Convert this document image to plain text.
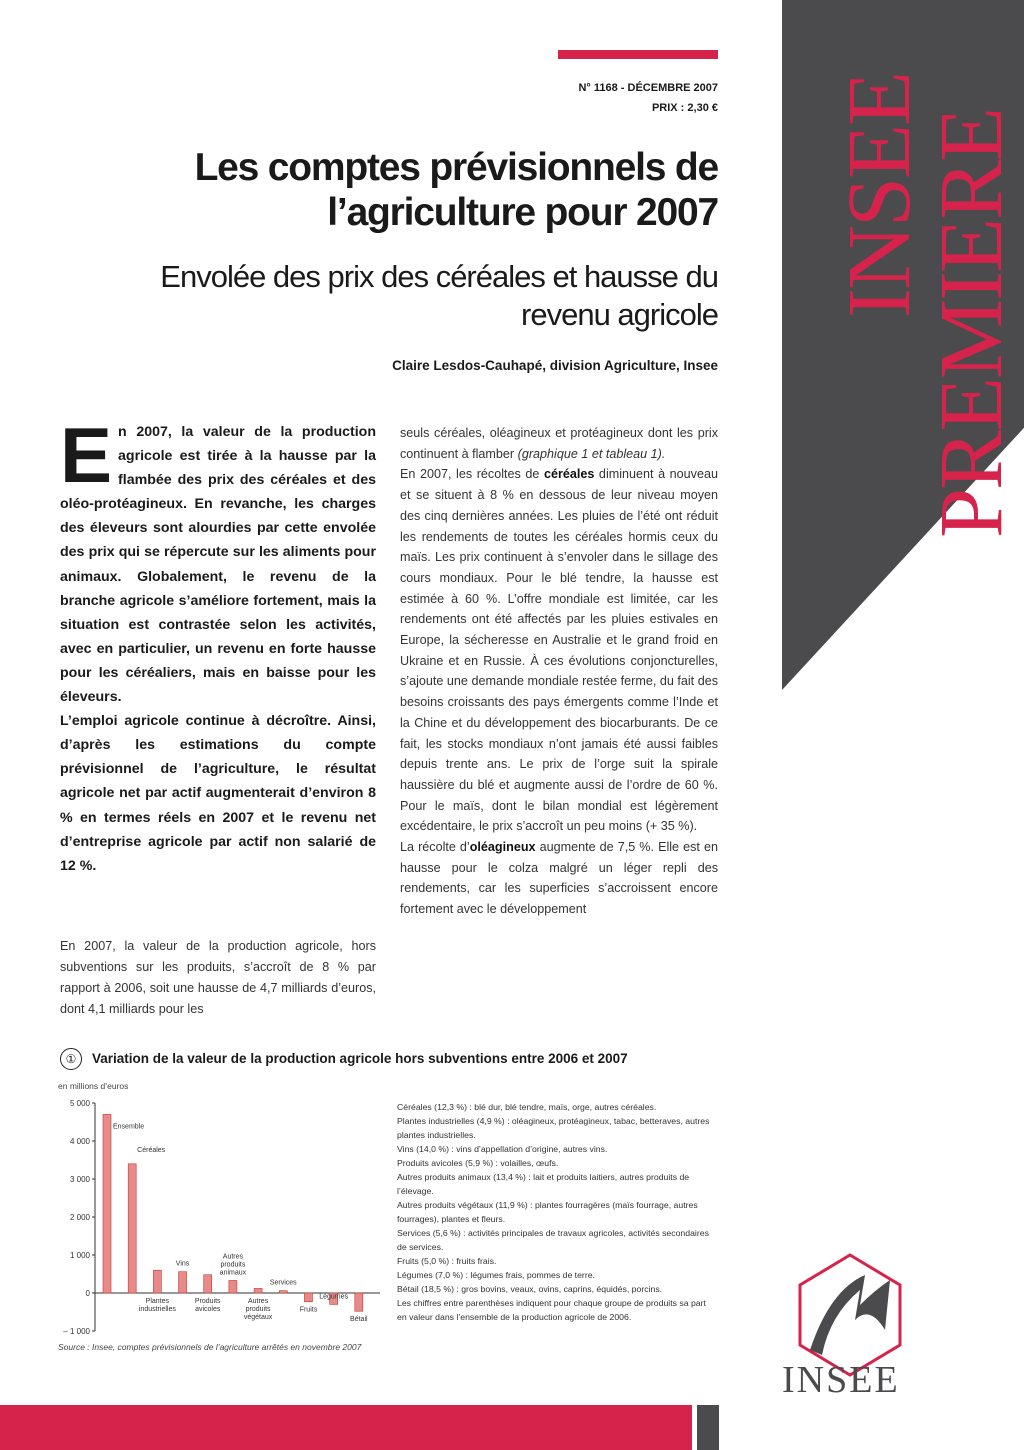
INSEE
PREMIERE
N° 1168 - DÉCEMBRE 2007
PRIX : 2,30 €
Les comptes prévisionnels de l’agriculture pour 2007
Envolée des prix des céréales et hausse du revenu agricole
Claire Lesdos-Cauhapé, division Agriculture, Insee
E n 2007, la valeur de la production agricole est tirée à la hausse par la flambée des prix des céréales et des oléo-protéagineux. En revanche, les charges des éleveurs sont alourdies par cette envolée des prix qui se répercute sur les aliments pour animaux. Globalement, le revenu de la branche agricole s’améliore fortement, mais la situation est contrastée selon les activités, avec en particulier, un revenu en forte hausse pour les céréaliers, mais en baisse pour les éleveurs.

L’emploi agricole continue à décroître. Ainsi, d’après les estimations du compte prévisionnel de l’agriculture, le résultat agricole net par actif augmenterait d’environ 8 % en termes réels en 2007 et le revenu net d’entreprise agricole par actif non salarié de 12 %.

En 2007, la valeur de la production agricole, hors subventions sur les produits, s’accroît de 8 % par rapport à 2006, soit une hausse de 4,7 milliards d’euros, dont 4,1 milliards pour les

seuls céréales, oléagineux et protéagineux dont les prix continuent à flamber (graphique 1 et tableau 1).

En 2007, les récoltes de céréales diminuent à nouveau et se situent à 8 % en dessous de leur niveau moyen des cinq dernières années. Les pluies de l’été ont réduit les rendements de toutes les céréales hormis ceux du maïs. Les prix continuent à s’envoler dans le sillage des cours mondiaux. Pour le blé tendre, la hausse est estimée à 60 %. L’offre mondiale est limitée, car les rendements ont été affectés par les pluies estivales en Europe, la sécheresse en Australie et le grand froid en Ukraine et en Russie. À ces évolutions conjoncturelles, s’ajoute une demande mondiale restée ferme, du fait des besoins croissants des pays émergents comme l’Inde et la Chine et du développement des biocarburants. De ce fait, les stocks mondiaux n’ont jamais été aussi faibles depuis trente ans. Le prix de l’orge suit la spirale haussière du blé et augmente aussi de l’ordre de 60 %. Pour le maïs, dont le bilan mondial est légèrement excédentaire, le prix s’accroît un peu moins (+ 35 %).

La récolte d’oléagineux augmente de 7,5 %. Elle est en hausse pour le colza malgré un léger repli des rendements, car les superficies s’accroissent encore fortement avec le développement

①	Variation de la valeur de la production agricole hors subventions entre 2006 et 2007
en millions d’euros
– 1 000
0
1 000
2 000
3 000
4 000
5 000
Ensemble
Céréales
Plantes industrielles
Vins
Produits avicoles
Autres produits animaux
Autres produits végétaux
Services
Fruits
Légumes
Bétail

Céréales (12,3 %) : blé dur, blé tendre, maïs, orge, autres céréales.

Plantes industrielles (4,9 %) : oléagineux, protéagineux, tabac, betteraves, autres plantes industrielles.

Vins (14,0 %) : vins d’appellation d’origine, autres vins.

Produits avicoles (5,9 %) : volailles, œufs.

Autres produits animaux (13,4 %) : lait et produits laitiers, autres produits de l’élevage.

Autres produits végétaux (11,9 %) : plantes fourragères (maïs fourrage, autres fourrages), plantes et fleurs.

Services (5,6 %) : activités principales de travaux agricoles, activités secondaires de services.

Fruits (5,0 %) : fruits frais.

Légumes (7,0 %) : légumes frais, pommes de terre.

Bétail (18,5 %) : gros bovins, veaux, ovins, caprins, équidés, porcins.

Les chiffres entre parenthèses indiquent pour chaque groupe de produits sa part en valeur dans l’ensemble de la production agricole de 2006.

Source : Insee, comptes prévisionnels de l’agriculture arrêtés en novembre 2007
INSEE
